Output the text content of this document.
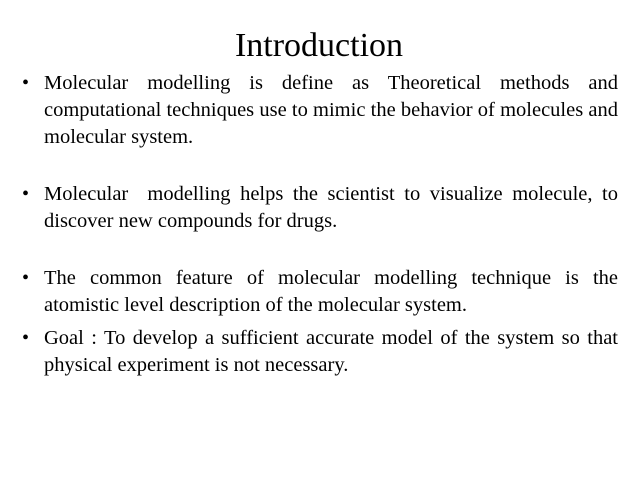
Introduction
• Molecular modelling is define as Theoretical methods and computational techniques use to mimic the behavior of molecules and molecular system.
• Molecular  modelling helps the scientist to visualize molecule, to discover new compounds for drugs.
• The common feature of molecular modelling technique is the atomistic level description of the molecular system.
• Goal : To develop a sufficient accurate model of the system so that physical experiment is not necessary.
